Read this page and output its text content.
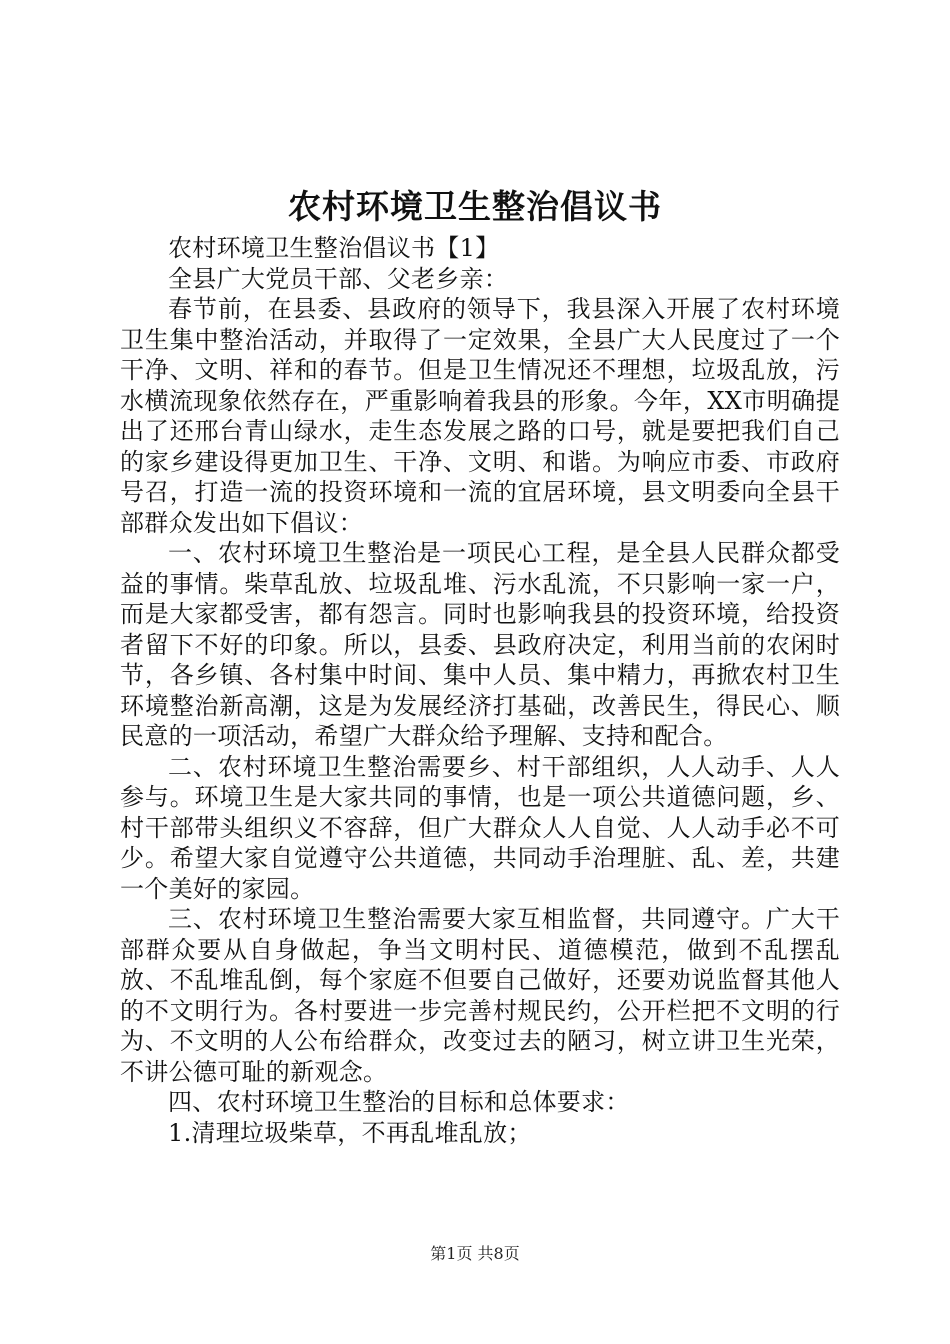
农村环境卫生整治倡议书

农村环境卫生整治倡议书【1】

全县广大党员干部、父老乡亲：

春节前，在县委、县政府的领导下，我县深入开展了农村环境卫生集中整治活动，并取得了一定效果，全县广大人民度过了一个干净、文明、祥和的春节。但是卫生情况还不理想，垃圾乱放，污水横流现象依然存在，严重影响着我县的形象。今年，XX市明确提出了还邢台青山绿水，走生态发展之路的口号，就是要把我们自己的家乡建设得更加卫生、干净、文明、和谐。为响应市委、市政府号召，打造一流的投资环境和一流的宜居环境，县文明委向全县干部群众发出如下倡议：

一、农村环境卫生整治是一项民心工程，是全县人民群众都受益的事情。柴草乱放、垃圾乱堆、污水乱流，不只影响一家一户，而是大家都受害，都有怨言。同时也影响我县的投资环境，给投资者留下不好的印象。所以，县委、县政府决定，利用当前的农闲时节，各乡镇、各村集中时间、集中人员、集中精力，再掀农村卫生环境整治新高潮，这是为发展经济打基础，改善民生，得民心、顺民意的一项活动，希望广大群众给予理解、支持和配合。

二、农村环境卫生整治需要乡、村干部组织，人人动手、人人参与。环境卫生是大家共同的事情，也是一项公共道德问题，乡、村干部带头组织义不容辞，但广大群众人人自觉、人人动手必不可少。希望大家自觉遵守公共道德，共同动手治理脏、乱、差，共建一个美好的家园。

三、农村环境卫生整治需要大家互相监督，共同遵守。广大干部群众要从自身做起，争当文明村民、道德模范，做到不乱摆乱放、不乱堆乱倒，每个家庭不但要自己做好，还要劝说监督其他人的不文明行为。各村要进一步完善村规民约，公开栏把不文明的行为、不文明的人公布给群众，改变过去的陋习，树立讲卫生光荣，不讲公德可耻的新观念。

四、农村环境卫生整治的目标和总体要求：

1.清理垃圾柴草，不再乱堆乱放；

第1页 共8页
